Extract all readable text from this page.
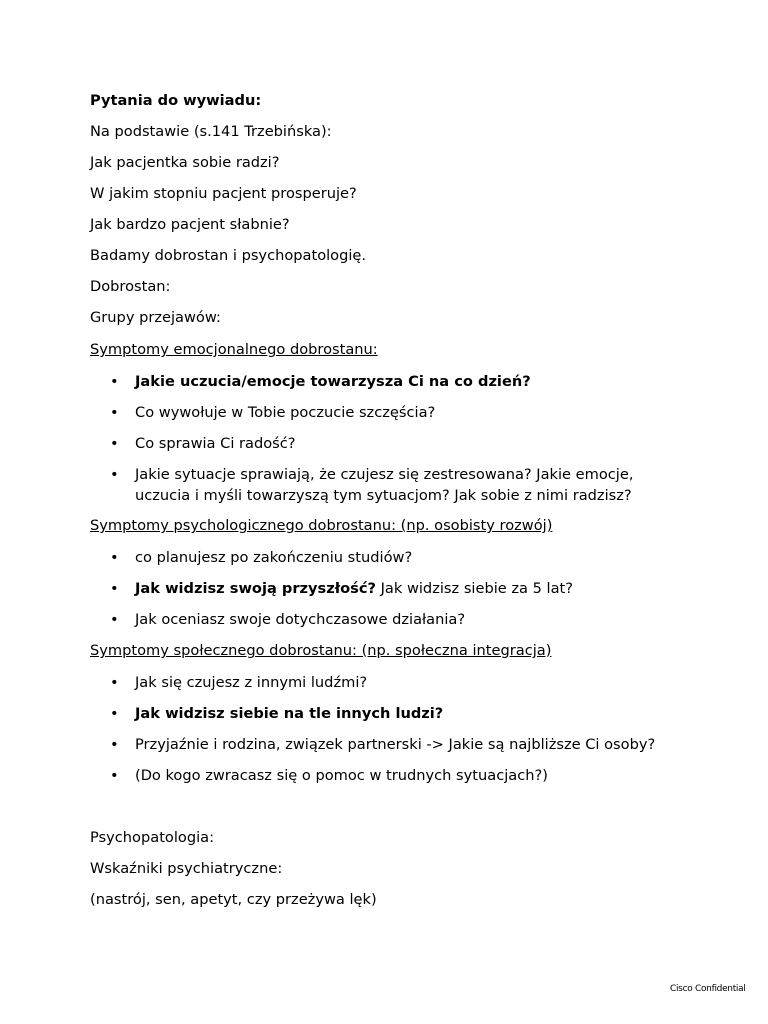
Pytania do wywiadu:
Na podstawie (s.141 Trzebińska):
Jak pacjentka sobie radzi?
W jakim stopniu pacjent prosperuje?
Jak bardzo pacjent słabnie?
Badamy dobrostan i psychopatologię.
Dobrostan:
Grupy przejawów:
Symptomy emocjonalnego dobrostanu:
• Jakie uczucia/emocje towarzysza Ci na co dzień?
• Co wywołuje w Tobie poczucie szczęścia?
• Co sprawia Ci radość?
• Jakie sytuacje sprawiają, że czujesz się zestresowana? Jakie emocje, uczucia i myśli towarzyszą tym sytuacjom? Jak sobie z nimi radzisz?
Symptomy psychologicznego dobrostanu: (np. osobisty rozwój)
• co planujesz po zakończeniu studiów?
• Jak widzisz swoją przyszłość? Jak widzisz siebie za 5 lat?
• Jak oceniasz swoje dotychczasowe działania?
Symptomy społecznego dobrostanu: (np. społeczna integracja)
• Jak się czujesz z innymi ludźmi?
• Jak widzisz siebie na tle innych ludzi?
• Przyjaźnie i rodzina, związek partnerski -> Jakie są najbliższe Ci osoby?
• (Do kogo zwracasz się o pomoc w trudnych sytuacjach?)
Psychopatologia:
Wskaźniki psychiatryczne:
(nastrój, sen, apetyt, czy przeżywa lęk)
Cisco Confidential
